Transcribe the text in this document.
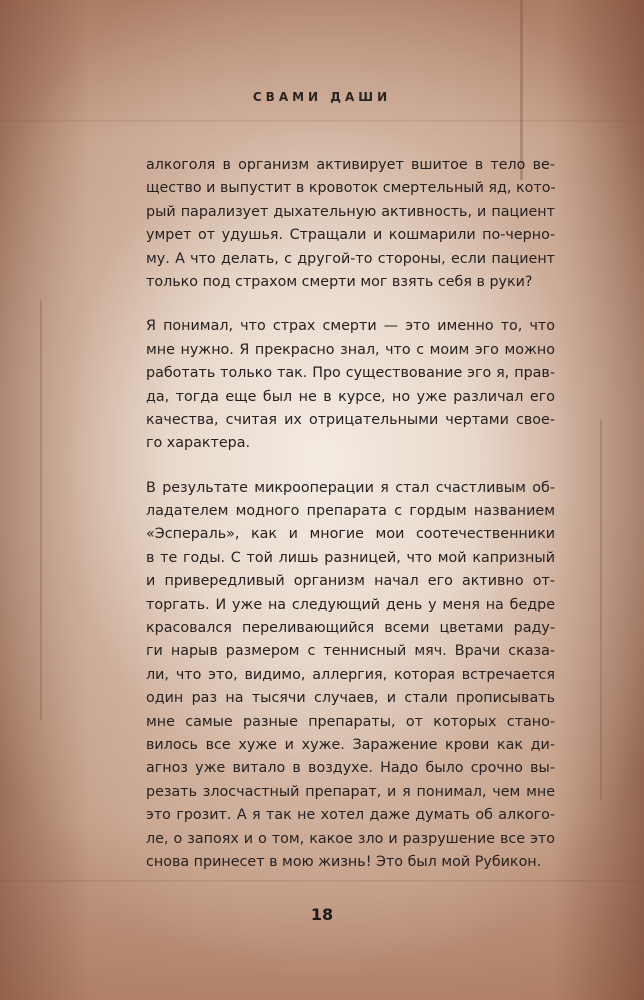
СВАМИ ДАШИ
алкоголя в организм активирует вшитое в тело ве-
щество и выпустит в кровоток смертельный яд, кото-
рый парализует дыхательную активность, и пациент
умрет от удушья. Стращали и кошмарили по-черно-
му. А что делать, с другой-то стороны, если пациент
только под страхом смерти мог взять себя в руки?
Я понимал, что страх смерти — это именно то, что
мне нужно. Я прекрасно знал, что с моим эго можно
работать только так. Про существование эго я, прав-
да, тогда еще был не в курсе, но уже различал его
качества, считая их отрицательными чертами свое-
го характера.
В результате микрооперации я стал счастливым об-
ладателем модного препарата с гордым названием
«Эспераль», как и многие мои соотечественники
в те годы. С той лишь разницей, что мой капризный
и привередливый организм начал его активно от-
торгать. И уже на следующий день у меня на бедре
красовался переливающийся всеми цветами раду-
ги нарыв размером с теннисный мяч. Врачи сказа-
ли, что это, видимо, аллергия, которая встречается
один раз на тысячи случаев, и стали прописывать
мне самые разные препараты, от которых стано-
вилось все хуже и хуже. Заражение крови как ди-
агноз уже витало в воздухе. Надо было срочно вы-
резать злосчастный препарат, и я понимал, чем мне
это грозит. А я так не хотел даже думать об алкого-
ле, о запоях и о том, какое зло и разрушение все это
снова принесет в мою жизнь! Это был мой Рубикон.
18
